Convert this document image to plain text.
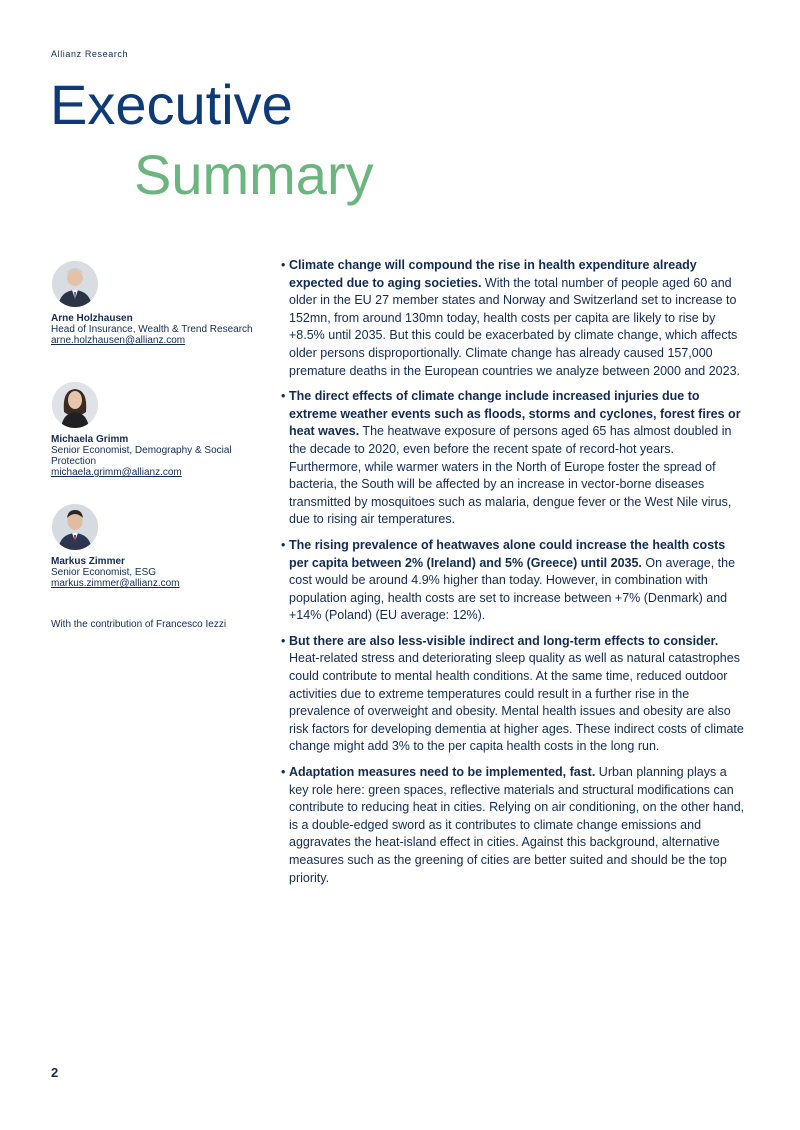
Allianz Research
Executive
Summary
Arne Holzhausen
Head of Insurance, Wealth & Trend Research
arne.holzhausen@allianz.com
Michaela Grimm
Senior Economist, Demography & Social Protection
michaela.grimm@allianz.com
Markus Zimmer
Senior Economist, ESG
markus.zimmer@allianz.com
With the contribution of Francesco Iezzi
• Climate change will compound the rise in health expenditure already expected due to aging societies. With the total number of people aged 60 and older in the EU 27 member states and Norway and Switzerland set to increase to 152mn, from around 130mn today, health costs per capita are likely to rise by +8.5% until 2035. But this could be exacerbated by climate change, which affects older persons disproportionally. Climate change has already caused 157,000 premature deaths in the European countries we analyze between 2000 and 2023.
• The direct effects of climate change include increased injuries due to extreme weather events such as floods, storms and cyclones, forest fires or heat waves. The heatwave exposure of persons aged 65 has almost doubled in the decade to 2020, even before the recent spate of record-hot years. Furthermore, while warmer waters in the North of Europe foster the spread of bacteria, the South will be affected by an increase in vector-borne diseases transmitted by mosquitoes such as malaria, dengue fever or the West Nile virus, due to rising air temperatures.
• The rising prevalence of heatwaves alone could increase the health costs per capita between 2% (Ireland) and 5% (Greece) until 2035. On average, the cost would be around 4.9% higher than today. However, in combination with population aging, health costs are set to increase between +7% (Denmark) and +14% (Poland) (EU average: 12%).
• But there are also less-visible indirect and long-term effects to consider. Heat-related stress and deteriorating sleep quality as well as natural catastrophes could contribute to mental health conditions. At the same time, reduced outdoor activities due to extreme temperatures could result in a further rise in the prevalence of overweight and obesity. Mental health issues and obesity are also risk factors for developing dementia at higher ages. These indirect costs of climate change might add 3% to the per capita health costs in the long run.
• Adaptation measures need to be implemented, fast. Urban planning plays a key role here: green spaces, reflective materials and structural modifications can contribute to reducing heat in cities. Relying on air conditioning, on the other hand, is a double-edged sword as it contributes to climate change emissions and aggravates the heat-island effect in cities. Against this background, alternative measures such as the greening of cities are better suited and should be the top priority.
2
